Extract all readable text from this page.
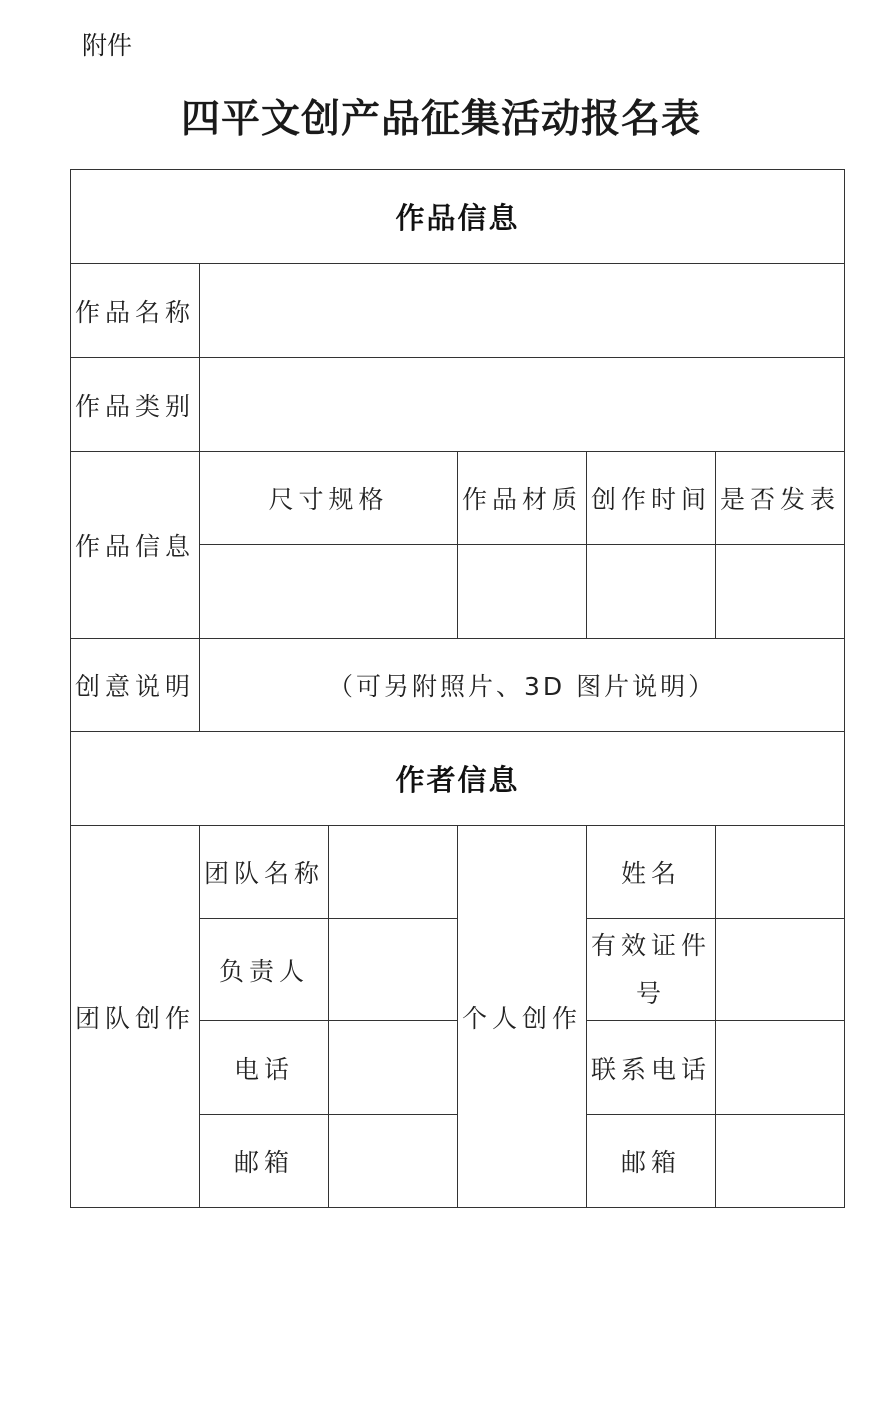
附件
四平文创产品征集活动报名表
作品信息					
作品名称					
作品类别					
作品信息	尺寸规格		作品材质	创作时间	是否发表

创意说明	（可另附照片、3D 图片说明）				
作者信息					
团队创作	团队名称		个人创作	姓名	
	负责人			有效证件号	
	电话			联系电话	
	邮箱			邮箱	
